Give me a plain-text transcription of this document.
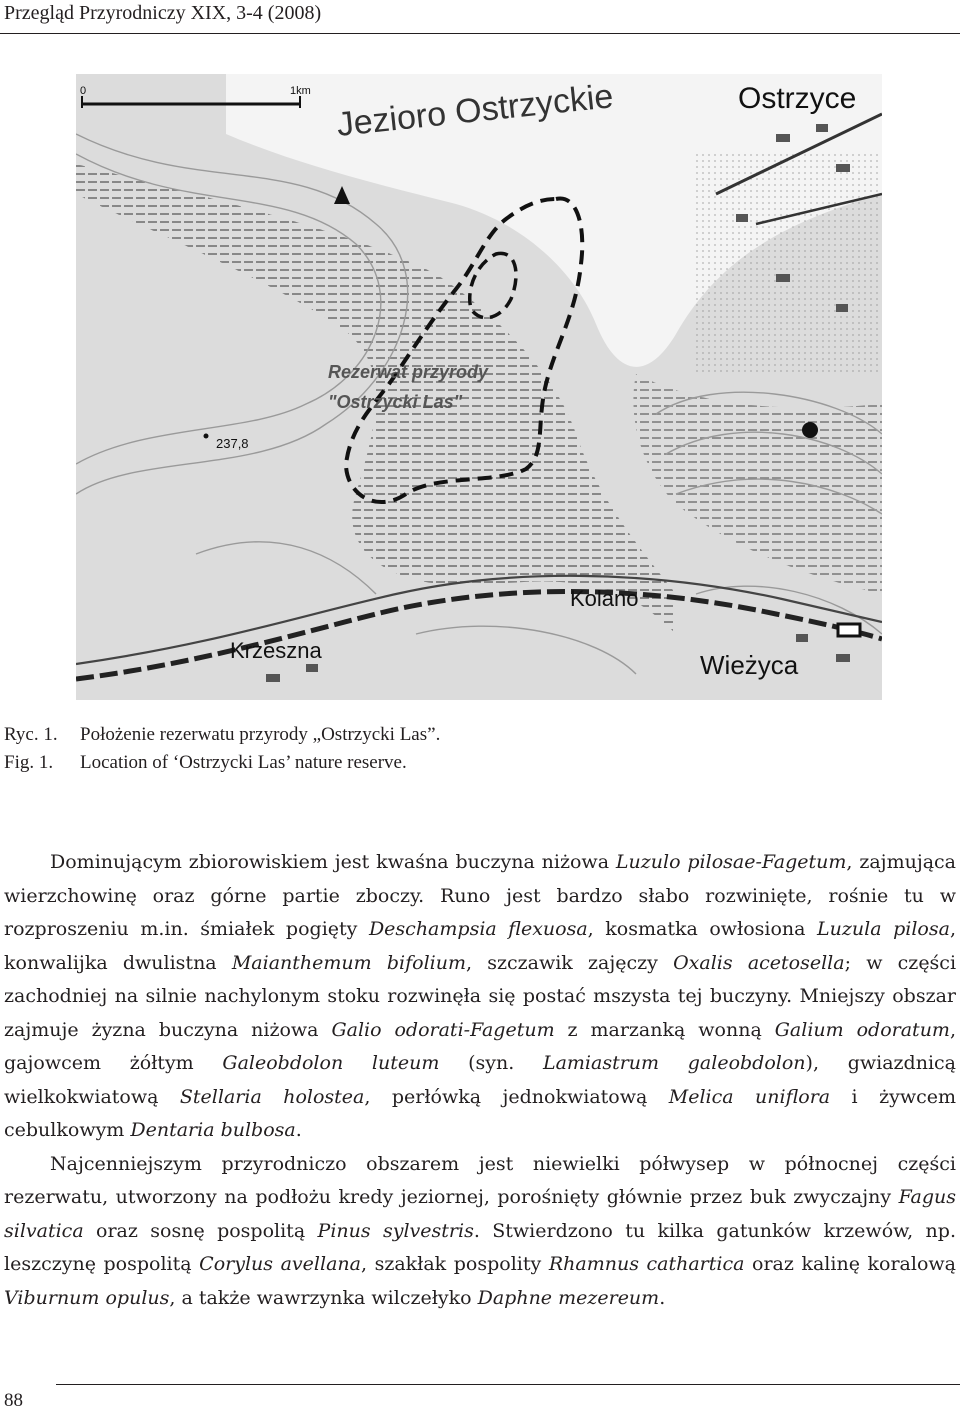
Przegląd Przyrodniczy XIX, 3-4 (2008)
0	1km Jezioro Ostrzyckie	Ostrzyce
Rezerwat przyrody
"Ostrzycki Las"
237,8
Kolano
Krzeszna	Wieżyca
Ryc. 1. Położenie rezerwatu przyrody „Ostrzycki Las”.
Fig. 1. Location of ‘Ostrzycki Las’ nature reserve.

Dominującym zbiorowiskiem jest kwaśna buczyna niżowa Luzulo pilosae-Fagetum, zajmująca wierzchowinę oraz górne partie zboczy. Runo jest bardzo słabo rozwinięte, rośnie tu w rozproszeniu m.in. śmiałek pogięty Deschampsia flexuosa, kosmatka owłosiona Luzula pilosa, konwalijka dwulistna Maianthemum bifolium, szczawik zajęczy Oxalis acetosella; w części zachodniej na silnie nachylonym stoku rozwinęła się postać mszysta tej buczyny. Mniejszy obszar zajmuje żyzna buczyna niżowa Galio odorati-Fagetum z marzanką wonną Galium odoratum, gajowcem żółtym Galeobdolon luteum (syn. Lamiastrum galeobdolon), gwiazdnicą wielkokwiatową Stellaria holostea, perłówką jednokwiatową Melica uniflora i żywcem cebulkowym Dentaria bulbosa.

Najcenniejszym przyrodniczo obszarem jest niewielki półwysep w północnej części rezerwatu, utworzony na podłożu kredy jeziornej, porośnięty głównie przez buk zwyczajny Fagus silvatica oraz sosnę pospolitą Pinus sylvestris. Stwierdzono tu kilka gatunków krzewów, np. leszczynę pospolitą Corylus avellana, szakłak pospolity Rhamnus cathartica oraz kalinę koralową Viburnum opulus, a także wawrzynka wilczełyko Daphne mezereum.

88
